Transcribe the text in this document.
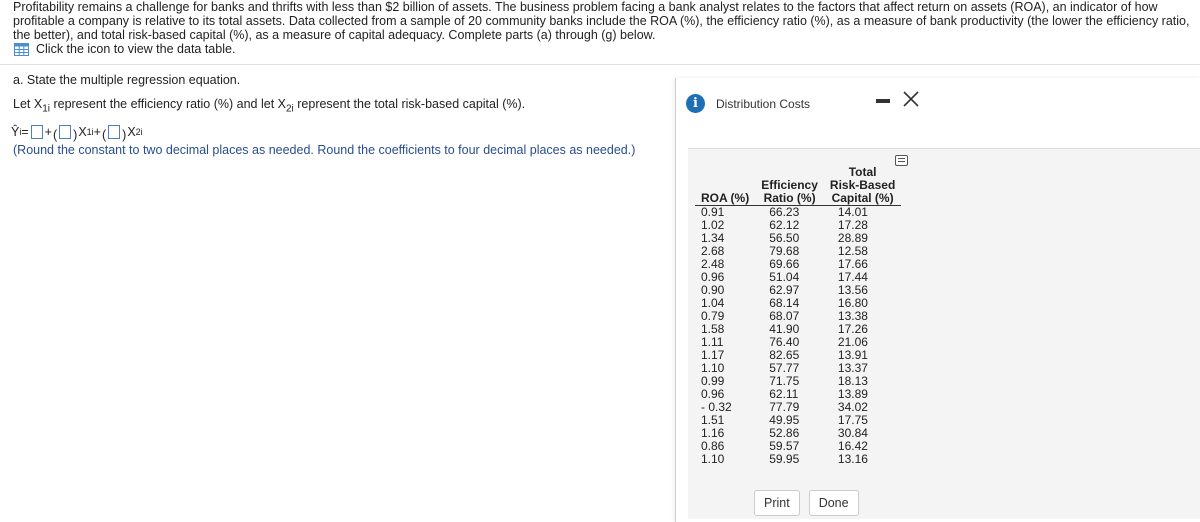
Profitability remains a challenge for banks and thrifts with less than $2 billion of assets. The business problem facing a bank analyst relates to the factors that affect return on assets (ROA), an indicator of how profitable a company is relative to its total assets. Data collected from a sample of 20 community banks include the ROA (%), the efficiency ratio (%), as a measure of bank productivity (the lower the efficiency ratio, the better), and total risk-based capital (%), as a measure of capital adequacy. Complete parts (a) through (g) below.
Click the icon to view the data table.
a. State the multiple regression equation.
Let $X_{1i}$ represent the efficiency ratio (%) and let $X_{2i}$ represent the total risk-based capital (%).
Ŷ i = + ( ) X 1i + ( ) X 2i
(Round the constant to two decimal places as needed. Round the coefficients to four decimal places as needed.)
i	Distribution Costs
		Total
	Efficiency	Risk-Based
ROA (%)	Ratio (%)	Capital (%)
0.91	66.23	14.01
1.02	62.12	17.28
1.34	56.50	28.89
2.68	79.68	12.58
2.48	69.66	17.66
0.96	51.04	17.44
0.90	62.97	13.56
1.04	68.14	16.80
0.79	68.07	13.38
1.58	41.90	17.26
1.11	76.40	21.06
1.17	82.65	13.91
1.10	57.77	13.37
0.99	71.75	18.13
0.96	62.11	13.89
- 0.32	77.79	34.02
1.51	49.95	17.75
1.16	52.86	30.84
0.86	59.57	16.42
1.10	59.95	13.16
Print	Done
